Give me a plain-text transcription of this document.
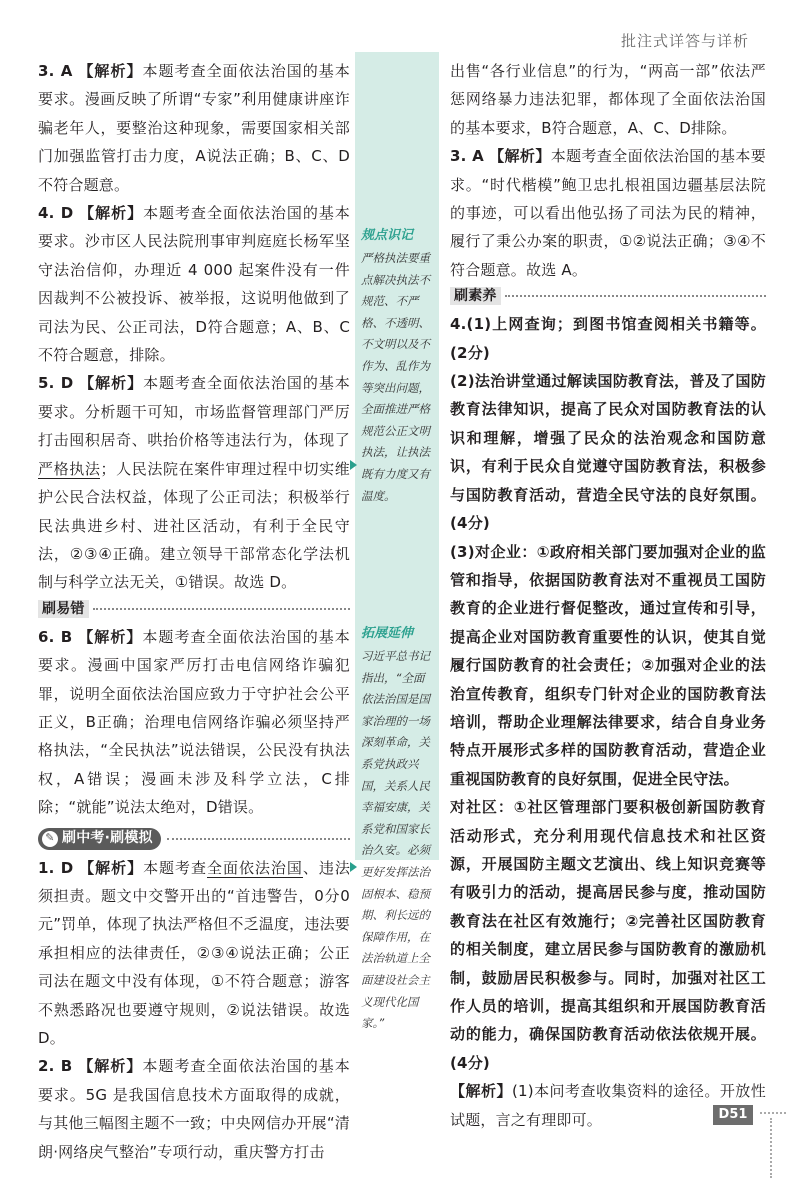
批注式详答与详析

3. A 【解析】本题考查全面依法治国的基本要求。漫画反映了所谓“专家”利用健康讲座诈骗老年人，要整治这种现象，需要国家相关部门加强监管打击力度，A说法正确；B、C、D不符合题意。

4. D 【解析】本题考查全面依法治国的基本要求。沙市区人民法院刑事审判庭庭长杨军坚守法治信仰，办理近 4 000 起案件没有一件因裁判不公被投诉、被举报，这说明他做到了司法为民、公正司法，D符合题意；A、B、C不符合题意，排除。

5. D 【解析】本题考查全面依法治国的基本要求。分析题干可知，市场监督管理部门严厉打击囤积居奇、哄抬价格等违法行为，体现了严格执法；人民法院在案件审理过程中切实维护公民合法权益，体现了公正司法；积极举行民法典进乡村、进社区活动，有利于全民守法，②③④正确。建立领导干部常态化学法机制与科学立法无关，①错误。故选 D。

刷易错

6. B 【解析】本题考查全面依法治国的基本要求。漫画中国家严厉打击电信网络诈骗犯罪，说明全面依法治国应致力于守护社会公平正义，B正确；治理电信网络诈骗必须坚持严格执法，“全民执法”说法错误，公民没有执法权，A错误；漫画未涉及科学立法，C排除；“就能”说法太绝对，D错误。

✎ 刷中考·刷模拟

1. D 【解析】本题考查全面依法治国、违法须担责。题文中交警开出的“首违警告，0分0元”罚单，体现了执法严格但不乏温度，违法要承担相应的法律责任，②③④说法正确；公正司法在题文中没有体现，①不符合题意；游客不熟悉路况也要遵守规则，②说法错误。故选 D。

2. B 【解析】本题考查全面依法治国的基本要求。5G 是我国信息技术方面取得的成就，与其他三幅图主题不一致；中央网信办开展“清朗·网络戾气整治”专项行动，重庆警方打击

规点识记
严格执法要重点解决执法不规范、不严格、不透明、不文明以及不作为、乱作为等突出问题，全面推进严格规范公正文明执法，让执法既有力度又有温度。
拓展延伸
习近平总书记指出，“全面依法治国是国家治理的一场深刻革命，关系党执政兴国，关系人民幸福安康，关系党和国家长治久安。必须更好发挥法治固根本、稳预期、利长远的保障作用，在法治轨道上全面建设社会主义现代化国家。”

出售“各行业信息”的行为，“两高一部”依法严惩网络暴力违法犯罪，都体现了全面依法治国的基本要求，B符合题意，A、C、D排除。

3. A 【解析】本题考查全面依法治国的基本要求。“时代楷模”鲍卫忠扎根祖国边疆基层法院的事迹，可以看出他弘扬了司法为民的精神，履行了秉公办案的职责，①②说法正确；③④不符合题意。故选 A。

刷素养

4.(1)上网查询；到图书馆查阅相关书籍等。(2分)

(2)法治讲堂通过解读国防教育法，普及了国防教育法律知识，提高了民众对国防教育法的认识和理解，增强了民众的法治观念和国防意识，有利于民众自觉遵守国防教育法，积极参与国防教育活动，营造全民守法的良好氛围。(4分)

(3)对企业：①政府相关部门要加强对企业的监管和指导，依据国防教育法对不重视员工国防教育的企业进行督促整改，通过宣传和引导，提高企业对国防教育重要性的认识，使其自觉履行国防教育的社会责任；②加强对企业的法治宣传教育，组织专门针对企业的国防教育法培训，帮助企业理解法律要求，结合自身业务特点开展形式多样的国防教育活动，营造企业重视国防教育的良好氛围，促进全民守法。

对社区：①社区管理部门要积极创新国防教育活动形式，充分利用现代信息技术和社区资源，开展国防主题文艺演出、线上知识竞赛等有吸引力的活动，提高居民参与度，推动国防教育法在社区有效施行；②完善社区国防教育的相关制度，建立居民参与国防教育的激励机制，鼓励居民积极参与。同时，加强对社区工作人员的培训，提高其组织和开展国防教育活动的能力，确保国防教育活动依法依规开展。(4分)

【解析】(1)本问考查收集资料的途径。开放性试题，言之有理即可。	D51
